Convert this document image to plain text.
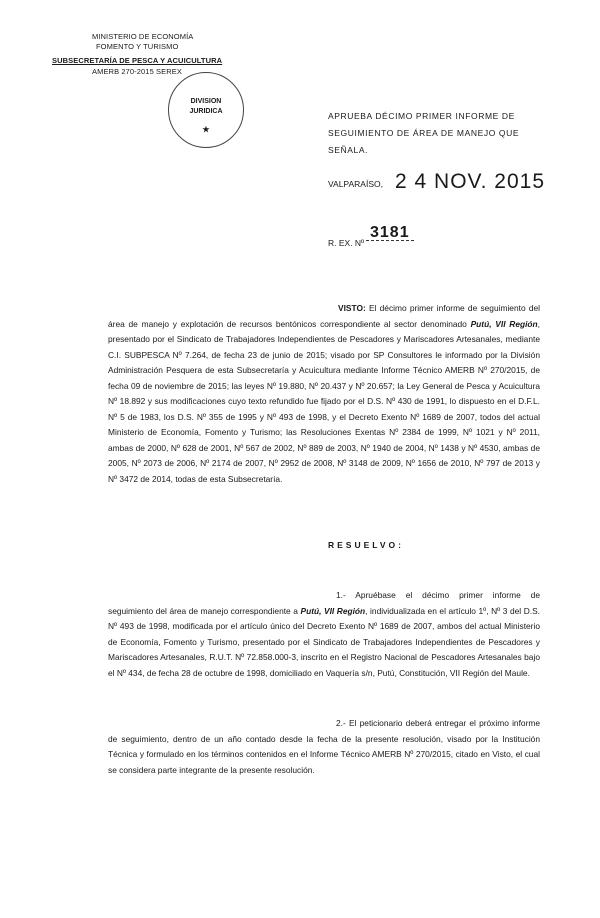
MINISTERIO DE ECONOMÍA
FOMENTO Y TURISMO
SUBSECRETARÍA DE PESCA Y ACUICULTURA
AMERB 270-2015 SEREX
DIVISION
JURIDICA
★
APRUEBA DÉCIMO PRIMER INFORME DE SEGUIMIENTO DE ÁREA DE MANEJO QUE SEÑALA.
VALPARAÍSO, 2 4 NOV. 2015
R. EX. Nº
3181
VISTO: El décimo primer informe de seguimiento del área de manejo y explotación de recursos bentónicos correspondiente al sector denominado Putú, VII Región, presentado por el Sindicato de Trabajadores Independientes de Pescadores y Mariscadores Artesanales, mediante C.I. SUBPESCA Nº 7.264, de fecha 23 de junio de 2015; visado por SP Consultores le informado por la División Administración Pesquera de esta Subsecretaría y Acuicultura mediante Informe Técnico AMERB Nº 270/2015, de fecha 09 de noviembre de 2015; las leyes Nº 19.880, Nº 20.437 y Nº 20.657; la Ley General de Pesca y Acuicultura Nº 18.892 y sus modificaciones cuyo texto refundido fue fijado por el D.S. Nº 430 de 1991, lo dispuesto en el D.F.L. Nº 5 de 1983, los D.S. Nº 355 de 1995 y Nº 493 de 1998, y el Decreto Exento Nº 1689 de 2007, todos del actual Ministerio de Economía, Fomento y Turismo; las Resoluciones Exentas Nº 2384 de 1999, Nº 1021 y Nº 2011, ambas de 2000, Nº 628 de 2001, Nº 567 de 2002, Nº 889 de 2003, Nº 1940 de 2004, Nº 1438 y Nº 4530, ambas de 2005, Nº 2073 de 2006, Nº 2174 de 2007, Nº 2952 de 2008, Nº 3148 de 2009, Nº 1656 de 2010, Nº 797 de 2013 y Nº 3472 de 2014, todas de esta Subsecretaría.
RESUELVO:
1.- Apruébase el décimo primer informe de seguimiento del área de manejo correspondiente a Putú, VII Región, individualizada en el artículo 1º, Nº 3 del D.S. Nº 493 de 1998, modificada por el artículo único del Decreto Exento Nº 1689 de 2007, ambos del actual Ministerio de Economía, Fomento y Turismo, presentado por el Sindicato de Trabajadores Independientes de Pescadores y Mariscadores Artesanales, R.U.T. Nº 72.858.000-3, inscrito en el Registro Nacional de Pescadores Artesanales bajo el Nº 434, de fecha 28 de octubre de 1998, domiciliado en Vaquería s/n, Putú, Constitución, VII Región del Maule.
2.- El peticionario deberá entregar el próximo informe de seguimiento, dentro de un año contado desde la fecha de la presente resolución, visado por la Institución Técnica y formulado en los términos contenidos en el Informe Técnico AMERB Nº 270/2015, citado en Visto, el cual se considera parte integrante de la presente resolución.
